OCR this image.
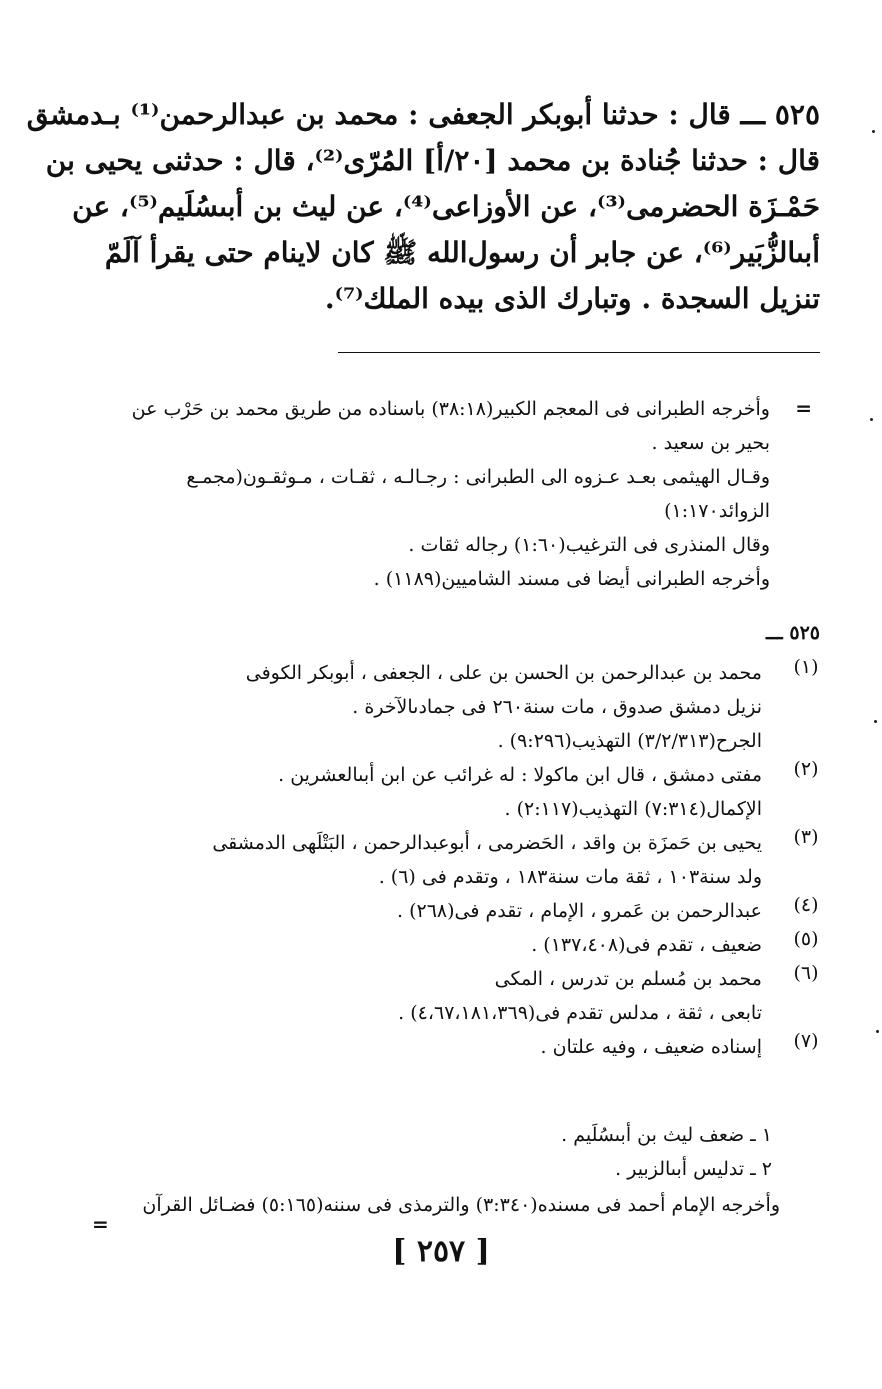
٥٢٥ ـــ قال : حدثنا أبوبكر الجعفى : محمد بن عبدالرحمن⁽¹⁾ بـدمشق
قال : حدثنا جُنادة بن محمد [٢٠/أ] المُرّى⁽²⁾، قال : حدثنى يحيى بن
حَمْـزَة الحضرمى⁽³⁾، عن الأوزاعى⁽⁴⁾، عن ليث بن أبىسُلَيم⁽⁵⁾، عن
أبىالزُّبَير⁽⁶⁾، عن جابر أن رسول‌الله ﷺ كان لاينام حتى يقرأ آلَمّ
تنزيل السجدة . وتبارك الذى بيده الملك⁽⁷⁾.
=
وأخرجه الطبرانى فى المعجم الكبير(٣٨:١٨) باسناده من طريق محمد بن حَرْب عن
بحير بن سعيد .
وقـال الهيثمى بعـد عـزوه الى الطبرانى : رجـالـه ، ثقـات ، مـوثقـون(مجمـع
الزوائد١:١٧٠)
وقال المنذرى فى الترغيب(١:٦٠) رجاله ثقات .
وأخرجه الطبرانى أيضا فى مسند الشاميين(١١٨٩) .
٥٢٥ ـــ
(١)
محمد بن عبدالرحمن بن الحسن بن على ، الجعفى ، أبوبكر الكوفى
نزيل دمشق صدوق ، مات سنة٢٦٠ فى جمادىالآخرة .
الجرح(٣/٢/٣١٣) التهذيب(٩:٢٩٦) .
(٢)
مفتى دمشق ، قال ابن ماكولا : له غرائب عن ابن أبىالعشرين .
الإكمال(٧:٣١٤) التهذيب(٢:١١٧) .
(٣)
يحيى بن حَمزَة بن واقد ، الحَضرمى ، أبوعبدالرحمن ، البَتْلَهى الدمشقى
ولد سنة١٠٣ ، ثقة مات سنة١٨٣ ، وتقدم فى (٦) .
(٤)
عبدالرحمن بن عَمرو ، الإمام ، تقدم فى(٢٦٨) .
(٥)
ضعيف ، تقدم فى(١٣٧،٤٠٨) .
(٦)
محمد بن مُسلم بن تدرس ، المكى
تابعى ، ثقة ، مدلس تقدم فى(٤،٦٧،١٨١،٣٦٩) .
(٧)
إسناده ضعيف ، وفيه علتان .
١ ـ ضعف ليث بن أبىسُلَيم .
٢ ـ تدليس أبىالزبير .
وأخرجه الإمام أحمد فى مسنده(٣:٣٤٠) والترمذى فى سننه(٥:١٦٥) فضـائل القرآن
=
[ ٢٥٧ ]
